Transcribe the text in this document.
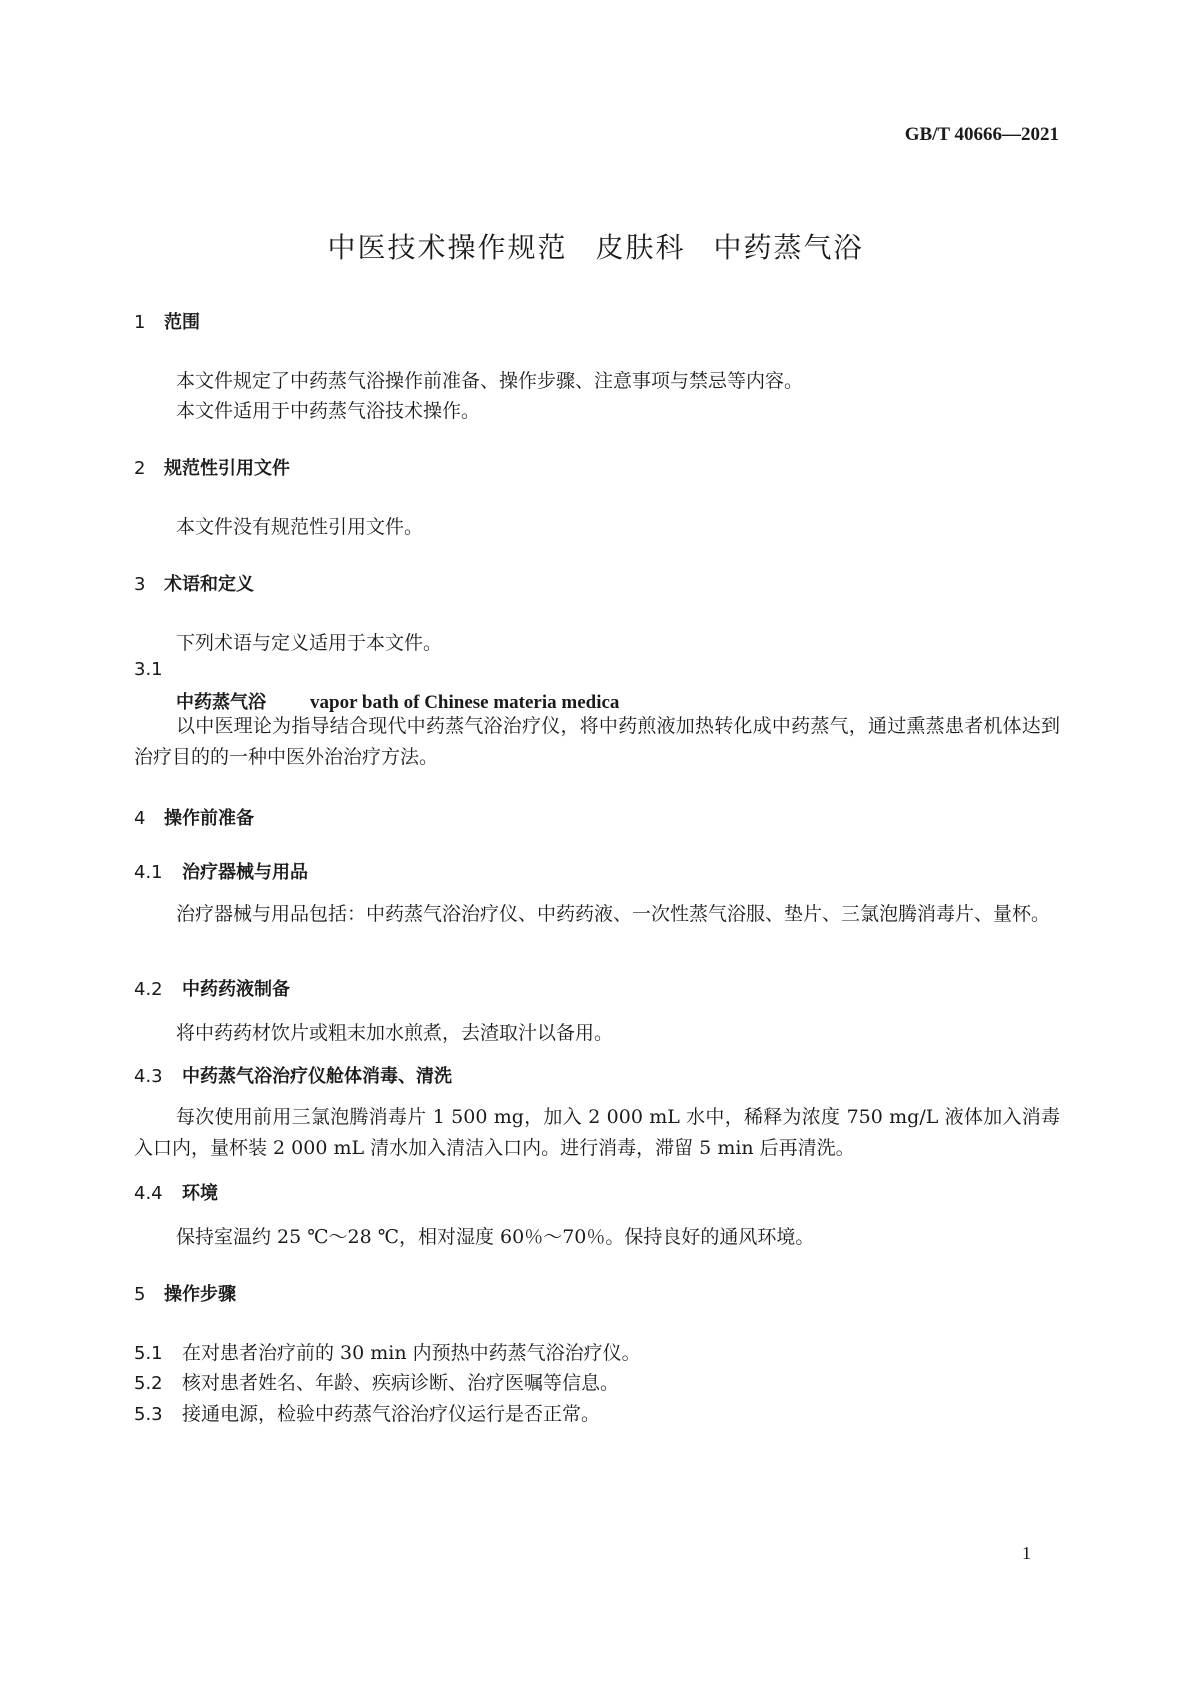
GB/T 40666—2021
中医技术操作规范 皮肤科 中药蒸气浴
1 范围
本文件规定了中药蒸气浴操作前准备、操作步骤、注意事项与禁忌等内容。
本文件适用于中药蒸气浴技术操作。
2 规范性引用文件
本文件没有规范性引用文件。
3 术语和定义
下列术语与定义适用于本文件。
3.1
中药蒸气浴 vapor bath of Chinese materia medica
以中医理论为指导结合现代中药蒸气浴治疗仪，将中药煎液加热转化成中药蒸气，通过熏蒸患者机体达到治疗目的的一种中医外治治疗方法。
4 操作前准备
4.1 治疗器械与用品
治疗器械与用品包括：中药蒸气浴治疗仪、中药药液、一次性蒸气浴服、垫片、三氯泡腾消毒片、量杯。
4.2 中药药液制备
将中药药材饮片或粗末加水煎煮，去渣取汁以备用。
4.3 中药蒸气浴治疗仪舱体消毒、清洗
每次使用前用三氯泡腾消毒片 1 500 mg，加入 2 000 mL 水中，稀释为浓度 750 mg/L 液体加入消毒入口内，量杯装 2 000 mL 清水加入清洁入口内。进行消毒，滞留 5 min 后再清洗。
4.4 环境
保持室温约 25 ℃～28 ℃，相对湿度 60％～70％。保持良好的通风环境。
5 操作步骤
5.1 在对患者治疗前的 30 min 内预热中药蒸气浴治疗仪。
5.2 核对患者姓名、年龄、疾病诊断、治疗医嘱等信息。
5.3 接通电源，检验中药蒸气浴治疗仪运行是否正常。
1
